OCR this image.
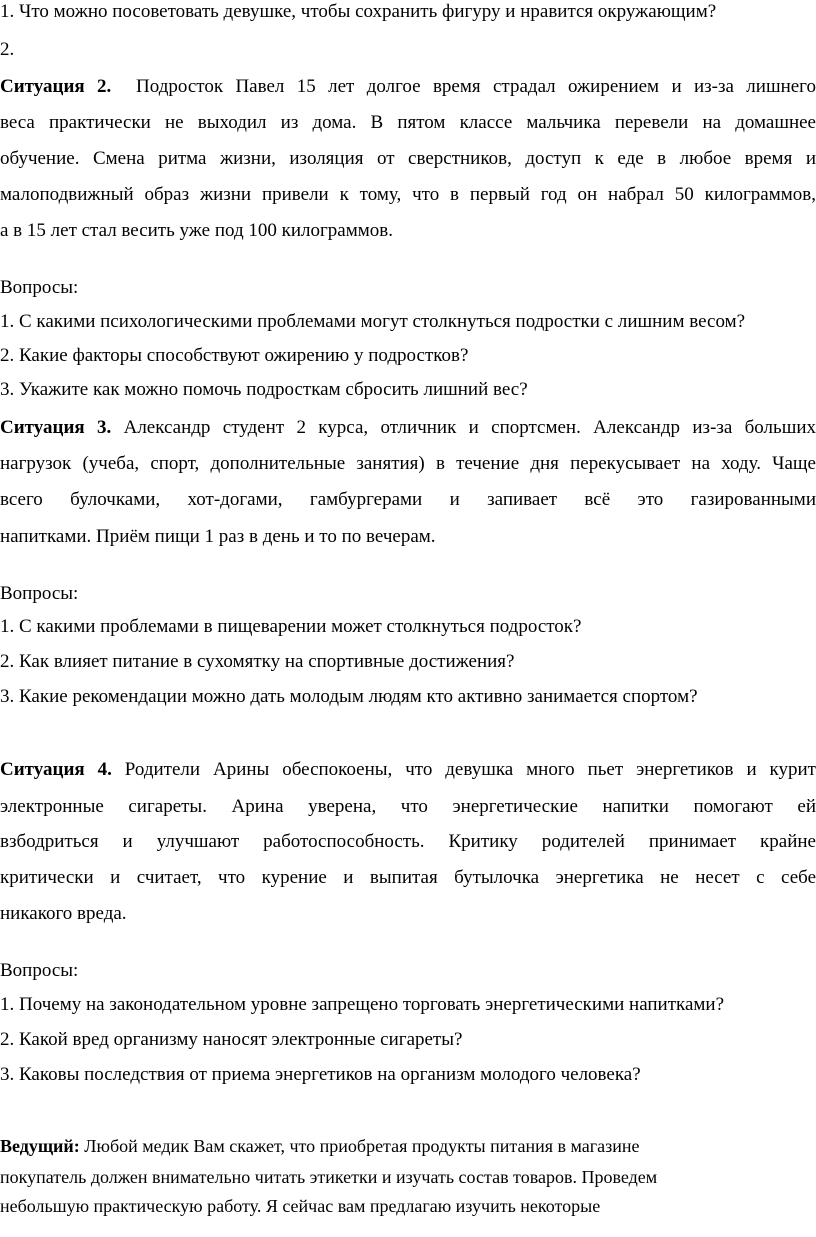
1. Что можно посоветовать девушке, чтобы сохранить фигуру и нравится окружающим?
2.
Ситуация 2. Подросток Павел 15 лет долгое время страдал ожирением и из-за лишнего
веса практически не выходил из дома. В пятом классе мальчика перевели на домашнее
обучение. Смена ритма жизни, изоляция от сверстников, доступ к еде в любое время и
малоподвижный образ жизни привели к тому, что в первый год он набрал 50 килограммов,
а в 15 лет стал весить уже под 100 килограммов.
Вопросы:
1. С какими психологическими проблемами могут столкнуться подростки с лишним весом?
2. Какие факторы способствуют ожирению у подростков?
3. Укажите как можно помочь подросткам сбросить лишний вес?
Ситуация 3. Александр студент 2 курса, отличник и спортсмен. Александр из-за больших
нагрузок (учеба, спорт, дополнительные занятия) в течение дня перекусывает на ходу. Чаще
всего булочками, хот-догами, гамбургерами и запивает всё это газированными
напитками. Приём пищи 1 раз в день и то по вечерам.
Вопросы:
1. С какими проблемами в пищеварении может столкнуться подросток?
2. Как влияет питание в сухомятку на спортивные достижения?
3. Какие рекомендации можно дать молодым людям кто активно занимается спортом?
Ситуация 4. Родители Арины обеспокоены, что девушка много пьет энергетиков и курит
электронные сигареты. Арина уверена, что энергетические напитки помогают ей
взбодриться и улучшают работоспособность. Критику родителей принимает крайне
критически и считает, что курение и выпитая бутылочка энергетика не несет с себе
никакого вреда.
Вопросы:
1. Почему на законодательном уровне запрещено торговать энергетическими напитками?
2. Какой вред организму наносят электронные сигареты?
3. Каковы последствия от приема энергетиков на организм молодого человека?
Ведущий: Любой медик Вам скажет, что приобретая продукты питания в магазине
покупатель должен внимательно читать этикетки и изучать состав товаров. Проведем
небольшую практическую работу. Я сейчас вам предлагаю изучить некоторые
